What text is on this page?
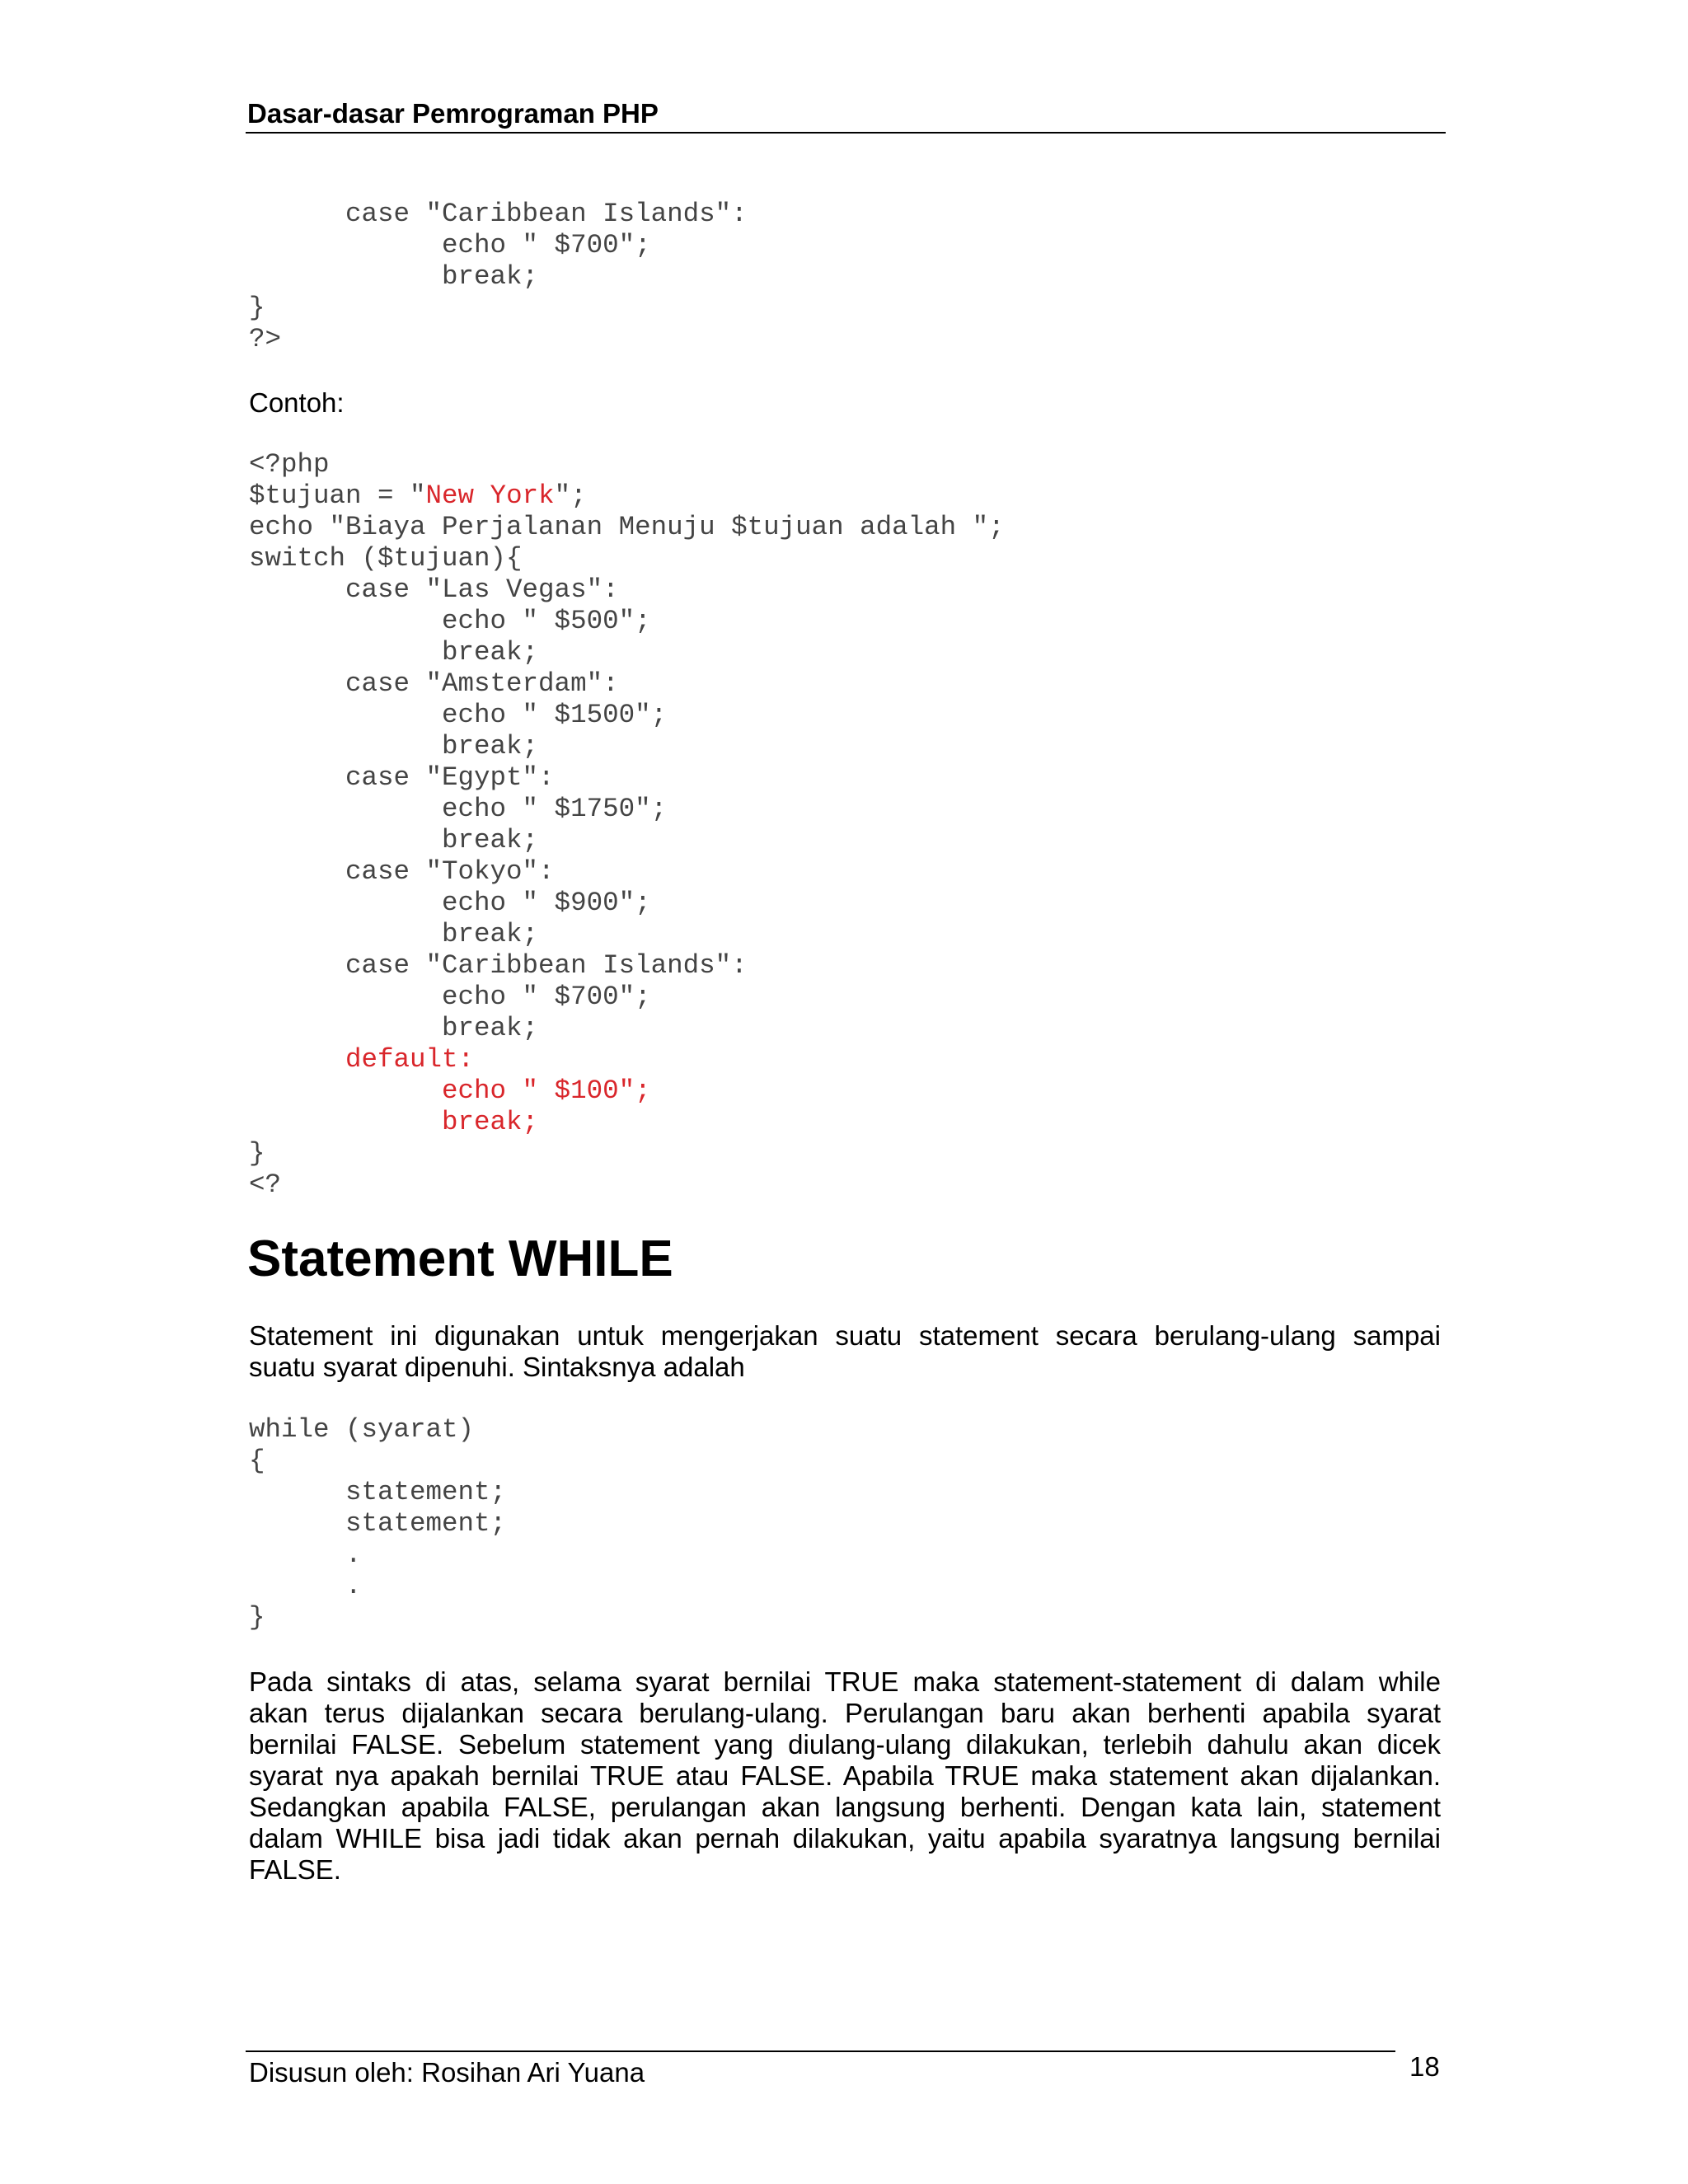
Dasar-dasar Pemrograman PHP
case "Caribbean Islands":
echo " $700";
break;
}
?>
Contoh:
<?php
$tujuan = "New York";
echo "Biaya Perjalanan Menuju $tujuan adalah ";
switch ($tujuan){
case "Las Vegas":
echo " $500";
break;
case "Amsterdam":
echo " $1500";
break;
case "Egypt":
echo " $1750";
break;
case "Tokyo":
echo " $900";
break;
case "Caribbean Islands":
echo " $700";
break;
default:
echo " $100";
break;
}
<?
Statement WHILE
Statement ini digunakan untuk mengerjakan suatu statement secara berulang-ulang sampai
suatu syarat dipenuhi. Sintaksnya adalah
while (syarat)
{
statement;
statement;
.
.
}
Pada sintaks di atas, selama syarat bernilai TRUE maka statement-statement di dalam while
akan terus dijalankan secara berulang-ulang. Perulangan baru akan berhenti apabila syarat
bernilai FALSE. Sebelum statement yang diulang-ulang dilakukan, terlebih dahulu akan dicek
syarat nya apakah bernilai TRUE atau FALSE. Apabila TRUE maka statement akan dijalankan.
Sedangkan apabila FALSE, perulangan akan langsung berhenti. Dengan kata lain, statement
dalam WHILE bisa jadi tidak akan pernah dilakukan, yaitu apabila syaratnya langsung bernilai
FALSE.
Disusun oleh: Rosihan Ari Yuana	18
